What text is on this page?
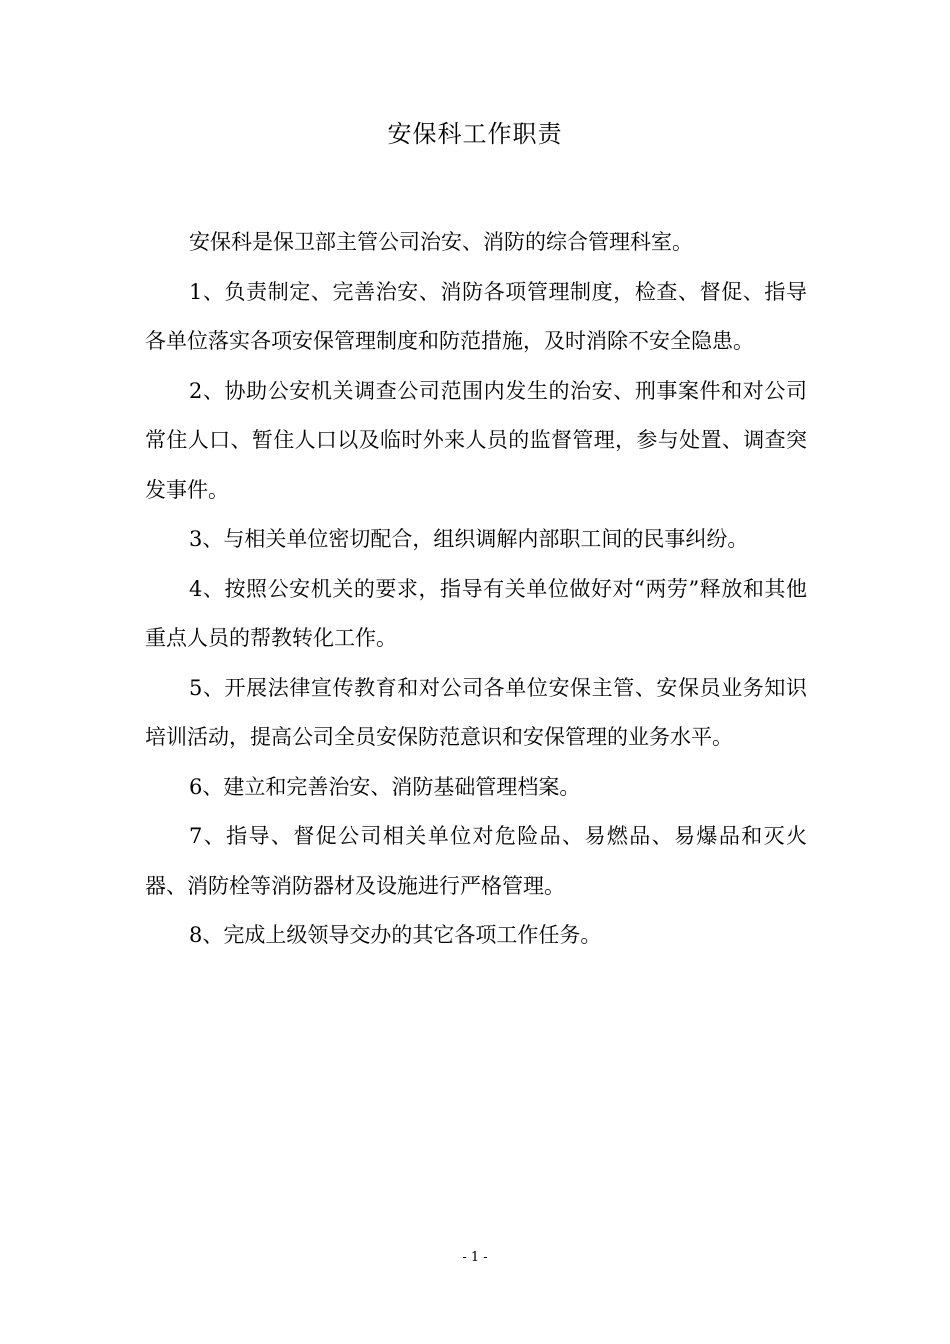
安保科工作职责

安保科是保卫部主管公司治安、消防的综合管理科室。

1、负责制定、完善治安、消防各项管理制度，检查、督促、指导各单位落实各项安保管理制度和防范措施，及时消除不安全隐患。

2、协助公安机关调查公司范围内发生的治安、刑事案件和对公司常住人口、暂住人口以及临时外来人员的监督管理，参与处置、调查突发事件。

3、与相关单位密切配合，组织调解内部职工间的民事纠纷。

4、按照公安机关的要求，指导有关单位做好对“两劳”释放和其他重点人员的帮教转化工作。

5、开展法律宣传教育和对公司各单位安保主管、安保员业务知识培训活动，提高公司全员安保防范意识和安保管理的业务水平。

6、建立和完善治安、消防基础管理档案。

7、指导、督促公司相关单位对危险品、易燃品、易爆品和灭火器、消防栓等消防器材及设施进行严格管理。

8、完成上级领导交办的其它各项工作任务。

- 1 -
